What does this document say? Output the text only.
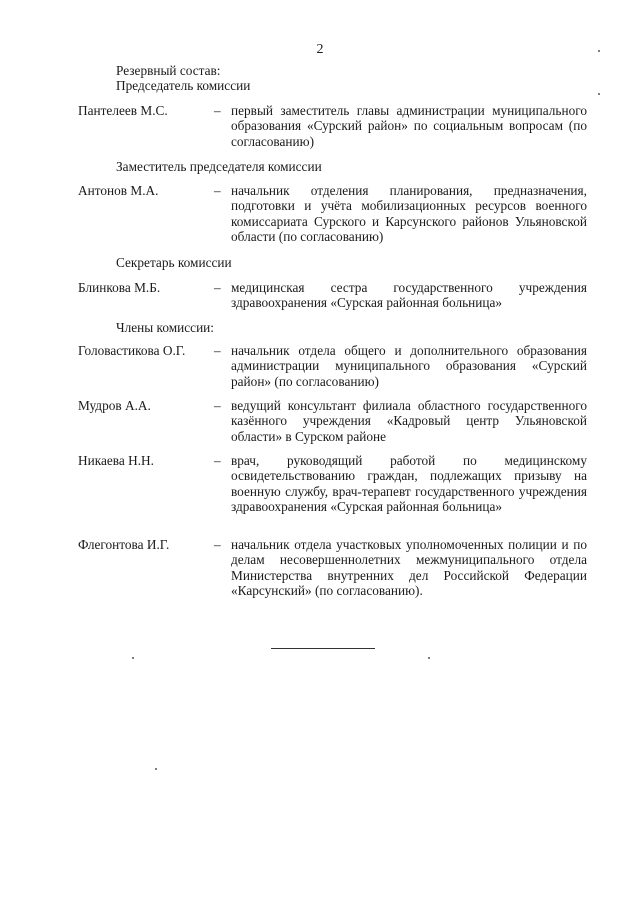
2
Резервный состав:
Председатель комиссии
Пантелеев М.С.	– первый заместитель главы администрации муниципального образования «Сурский район» по социальным вопросам (по согласованию)
Заместитель председателя комиссии
Антонов М.А.	– начальник отделения планирования, предназначения, подготовки и учёта мобилизационных ресурсов военного комиссариата Сурского и Карсунского районов Ульяновской области (по согласованию)
Секретарь комиссии
Блинкова М.Б.	– медицинская сестра государственного учреждения здравоохранения «Сурская районная больница»
Члены комиссии:
Головастикова О.Г. – начальник отдела общего и дополнительного образования администрации муниципального образования «Сурский район» (по согласованию)
Мудров А.А.	– ведущий консультант филиала областного государственного казённого учреждения «Кадровый центр Ульяновской области» в Сурском районе
Никаева Н.Н.	– врач, руководящий работой по медицинскому освидетельствованию граждан, подлежащих призыву на военную службу, врач-терапевт государственного учреждения здравоохранения «Сурская районная больница»
Флегонтова И.Г.	– начальник отдела участковых уполномоченных полиции и по делам несовершеннолетних межмуниципального отдела Министерства внутренних дел Российской Федерации «Карсунский» (по согласованию).
